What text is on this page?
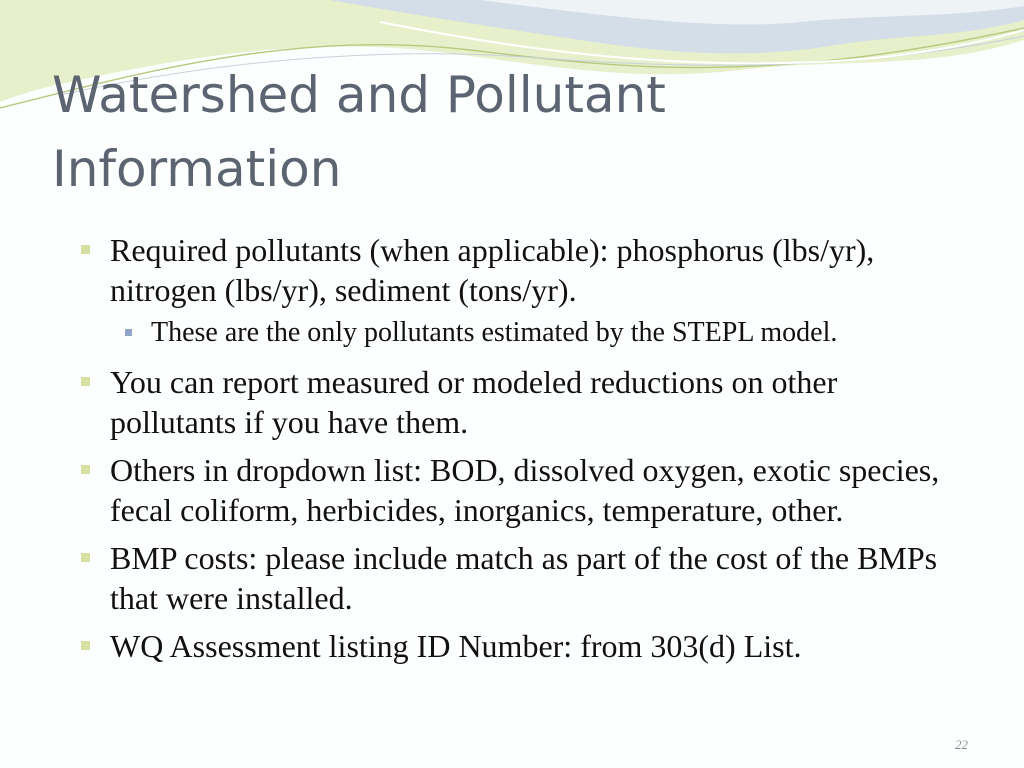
Watershed and Pollutant
Information
Required pollutants (when applicable): phosphorus (lbs/yr), nitrogen (lbs/yr), sediment (tons/yr).
These are the only pollutants estimated by the STEPL model.
You can report measured or modeled reductions on other pollutants if you have them.
Others in dropdown list: BOD, dissolved oxygen, exotic species, fecal coliform, herbicides, inorganics, temperature, other.
BMP costs: please include match as part of the cost of the BMPs that were installed.
WQ Assessment listing ID Number: from 303(d) List.
22
